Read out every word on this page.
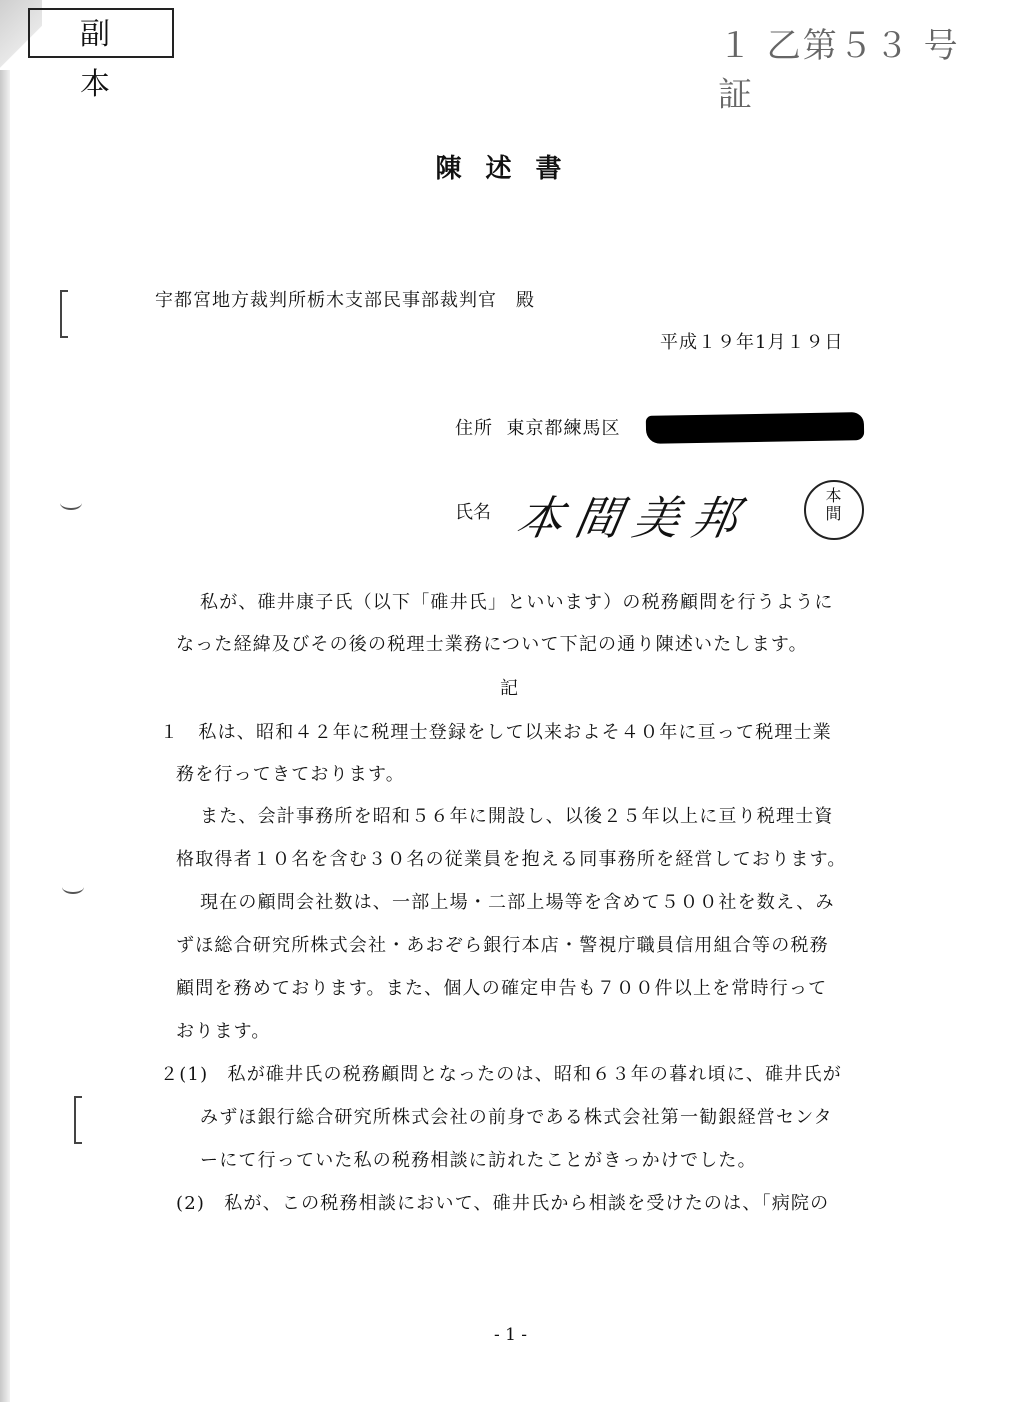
副本
１ 乙第５３ 号証
陳述書
宇都宮地方裁判所栃木支部民事部裁判官　殿
平成１９年1月１９日
住所 東京都練馬区
氏名 本間美邦	本
間
私が、碓井康子氏（以下「碓井氏」といいます）の税務顧問を行うように
なった経緯及びその後の税理士業務について下記の通り陳述いたします。
記
１　私は、昭和４２年に税理士登録をして以来およそ４０年に亘って税理士業
務を行ってきております。
また、会計事務所を昭和５６年に開設し、以後２５年以上に亘り税理士資
格取得者１０名を含む３０名の従業員を抱える同事務所を経営しております。
現在の顧問会社数は、一部上場・二部上場等を含めて５００社を数え、み
ずほ総合研究所株式会社・あおぞら銀行本店・警視庁職員信用組合等の税務
顧問を務めております。また、個人の確定申告も７００件以上を常時行って
おります。
２(1)　私が碓井氏の税務顧問となったのは、昭和６３年の暮れ頃に、碓井氏が
みずほ銀行総合研究所株式会社の前身である株式会社第一勧銀経営センタ
ーにて行っていた私の税務相談に訪れたことがきっかけでした。
(2)　私が、この税務相談において、碓井氏から相談を受けたのは、「病院の
- 1 -
